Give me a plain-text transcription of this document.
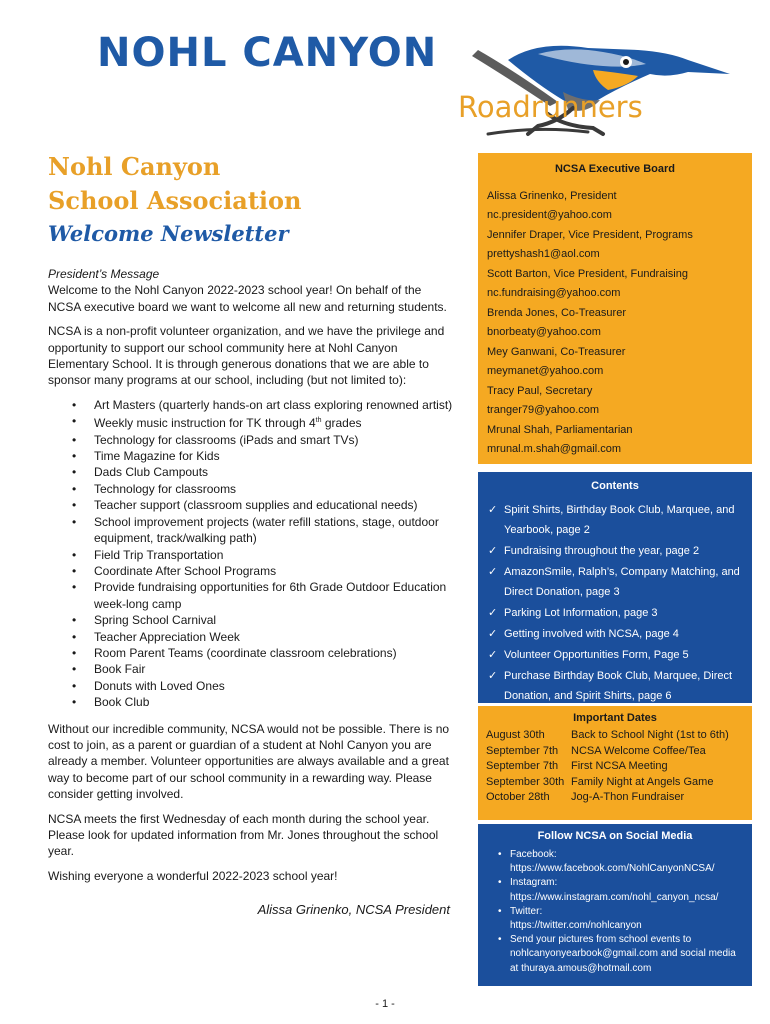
NOHL CANYON
Roadrunners
Nohl Canyon
School Association
Welcome Newsletter
President’s Message

Welcome to the Nohl Canyon 2022-2023 school year! On behalf of the NCSA executive board we want to welcome all new and returning students.

NCSA is a non-profit volunteer organization, and we have the privilege and opportunity to support our school community here at Nohl Canyon Elementary School. It is through generous donations that we are able to sponsor many programs at our school, including (but not limited to):

• Art Masters (quarterly hands-on art class exploring renowned artist)
• Weekly music instruction for TK through 4th grades
• Technology for classrooms (iPads and smart TVs)
• Time Magazine for Kids
• Dads Club Campouts
• Technology for classrooms
• Teacher support (classroom supplies and educational needs)
• School improvement projects (water refill stations, stage, outdoor equipment, track/walking path)
• Field Trip Transportation
• Coordinate After School Programs
• Provide fundraising opportunities for 6th Grade Outdoor Education week-long camp
• Spring School Carnival
• Teacher Appreciation Week
• Room Parent Teams (coordinate classroom celebrations)
• Book Fair
• Donuts with Loved Ones
• Book Club

Without our incredible community, NCSA would not be possible. There is no cost to join, as a parent or guardian of a student at Nohl Canyon you are already a member. Volunteer opportunities are always available and a great way to become part of our school community in a rewarding way. Please consider getting involved.

NCSA meets the first Wednesday of each month during the school year. Please look for updated information from Mr. Jones throughout the school year.

Wishing everyone a wonderful 2022-2023 school year!

Alissa Grinenko, NCSA President
NCSA Executive Board
Alissa Grinenko, President
nc.president@yahoo.com
Jennifer Draper, Vice President, Programs
prettyshash1@aol.com
Scott Barton, Vice President, Fundraising
nc.fundraising@yahoo.com
Brenda Jones, Co-Treasurer
bnorbeaty@yahoo.com
Mey Ganwani, Co-Treasurer
meymanet@yahoo.com
Tracy Paul, Secretary
tranger79@yahoo.com
Mrunal Shah, Parliamentarian
mrunal.m.shah@gmail.com
Contents
✓ Spirit Shirts, Birthday Book Club, Marquee, and Yearbook, page 2
✓ Fundraising throughout the year, page 2
✓ AmazonSmile, Ralph’s, Company Matching, and Direct Donation, page 3
✓ Parking Lot Information, page 3
✓ Getting involved with NCSA, page 4
✓ Volunteer Opportunities Form, Page 5
✓ Purchase Birthday Book Club, Marquee, Direct Donation, and Spirit Shirts, page 6
Important Dates
August 30th	Back to School Night (1st to 6th)
September 7th	NCSA Welcome Coffee/Tea
September 7th	First NCSA Meeting
September 30th Family Night at Angels Game
October 28th	Jog-A-Thon Fundraiser
Follow NCSA on Social Media
• Facebook:
https://www.facebook.com/NohlCanyonNCSA/
• Instagram:
https://www.instagram.com/nohl_canyon_ncsa/
• Twitter:
https://twitter.com/nohlcanyon
• Send your pictures from school events to
nohlcanyonyearbook@gmail.com and social media at thuraya.amous@hotmail.com
- 1 -
